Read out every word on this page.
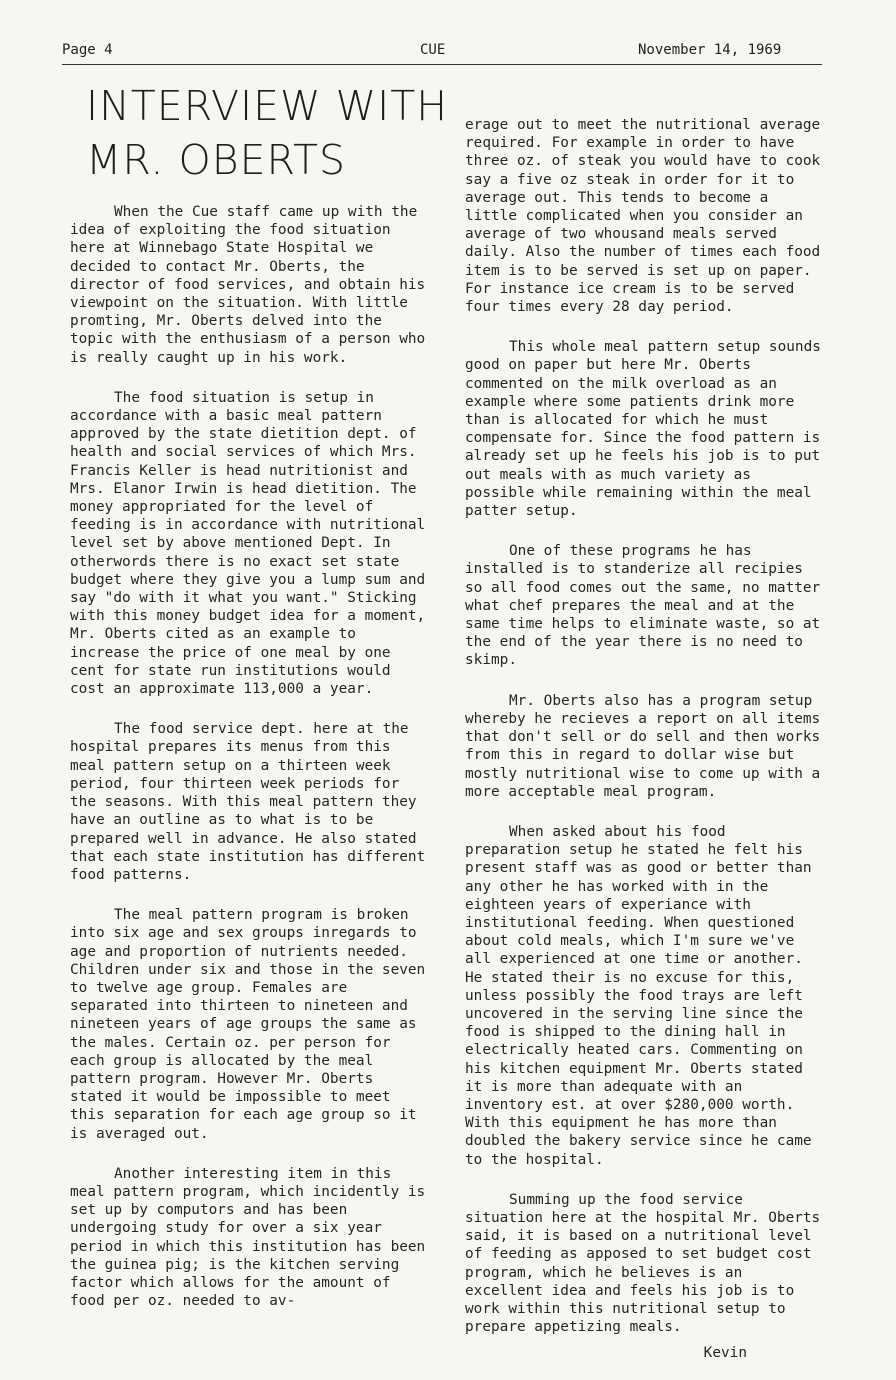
Page 4	CUE	November 14, 1969
INTERVIEW WITH
MR. OBERTS

When the Cue staff came up with the idea of exploiting the food situation here at Winnebago State Hospital we decided to contact Mr. Oberts, the director of food services, and obtain his viewpoint on the situation. With little promting, Mr. Oberts delved into the topic with the enthusiasm of a person who is really caught up in his work.

The food situation is setup in accordance with a basic meal pattern approved by the state dietition dept. of health and social services of which Mrs. Francis Keller is head nutritionist and Mrs. Elanor Irwin is head dietition. The money appropriated for the level of feeding is in accordance with nutritional level set by above mentioned Dept. In otherwords there is no exact set state budget where they give you a lump sum and say "do with it what you want." Sticking with this money budget idea for a moment, Mr. Oberts cited as an example to increase the price of one meal by one cent for state run institutions would cost an approximate 113,000 a year.

The food service dept. here at the hospital prepares its menus from this meal pattern setup on a thirteen week period, four thirteen week periods for the seasons. With this meal pattern they have an outline as to what is to be prepared well in advance. He also stated that each state institution has different food patterns.

The meal pattern program is broken into six age and sex groups inregards to age and proportion of nutrients needed. Children under six and those in the seven to twelve age group. Females are separated into thirteen to nineteen and nineteen years of age groups the same as the males. Certain oz. per person for each group is allocated by the meal pattern program. However Mr. Oberts stated it would be impossible to meet this separation for each age group so it is averaged out.

Another interesting item in this meal pattern program, which incidently is set up by computors and has been undergoing study for over a six year period in which this institution has been the guinea pig; is the kitchen serving factor which allows for the amount of food per oz. needed to av-

erage out to meet the nutritional average required. For example in order to have three oz. of steak you would have to cook say a five oz steak in order for it to average out. This tends to become a little complicated when you consider an average of two whousand meals served daily. Also the number of times each food item is to be served is set up on paper. For instance ice cream is to be served four times every 28 day period.

This whole meal pattern setup sounds good on paper but here Mr. Oberts commented on the milk overload as an example where some patients drink more than is allocated for which he must compensate for. Since the food pattern is already set up he feels his job is to put out meals with as much variety as possible while remaining within the meal patter setup.

One of these programs he has installed is to standerize all recipies so all food comes out the same, no matter what chef prepares the meal and at the same time helps to eliminate waste, so at the end of the year there is no need to skimp.

Mr. Oberts also has a program setup whereby he recieves a report on all items that don't sell or do sell and then works from this in regard to dollar wise but mostly nutritional wise to come up with a more acceptable meal program.

When asked about his food preparation setup he stated he felt his present staff was as good or better than any other he has worked with in the eighteen years of experiance with institutional feeding. When questioned about cold meals, which I'm sure we've all experienced at one time or another. He stated their is no excuse for this, unless possibly the food trays are left uncovered in the serving line since the food is shipped to the dining hall in electrically heated cars. Commenting on his kitchen equipment Mr. Oberts stated it is more than adequate with an inventory est. at over $280,000 worth. With this equipment he has more than doubled the bakery service since he came to the hospital.

Summing up the food service situation here at the hospital Mr. Oberts said, it is based on a nutritional level of feeding as apposed to set budget cost program, which he believes is an excellent idea and feels his job is to work within this nutritional setup to prepare appetizing meals.

Kevin
